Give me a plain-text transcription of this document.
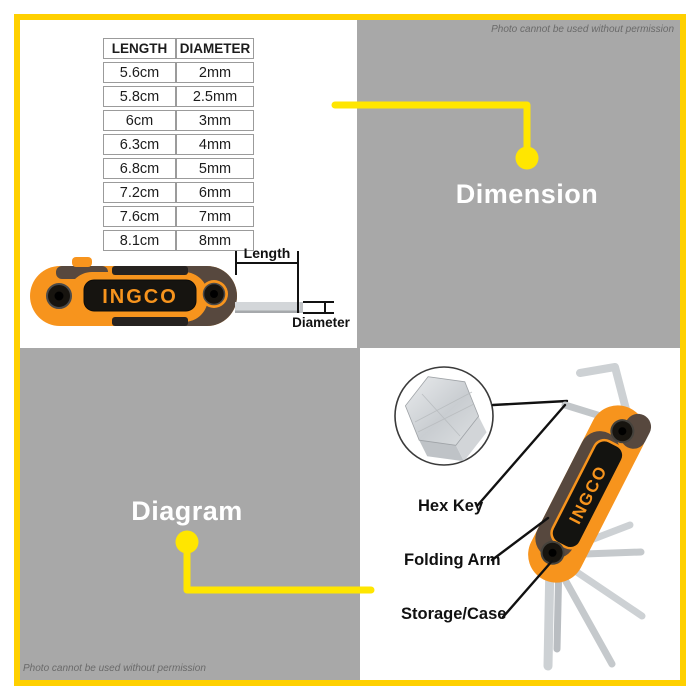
Photo cannot be used without permission
Photo cannot be used without permission
LENGTH	DIAMETER
5.6cm	2mm
5.8cm	2.5mm
6cm	3mm
6.3cm	4mm
6.8cm	5mm
7.2cm	6mm
7.6cm	7mm
8.1cm	8mm
INGCO
Length
Diameter
Dimension
Diagram	INGCO
Hex Key
Folding Arm
Storage/Case
